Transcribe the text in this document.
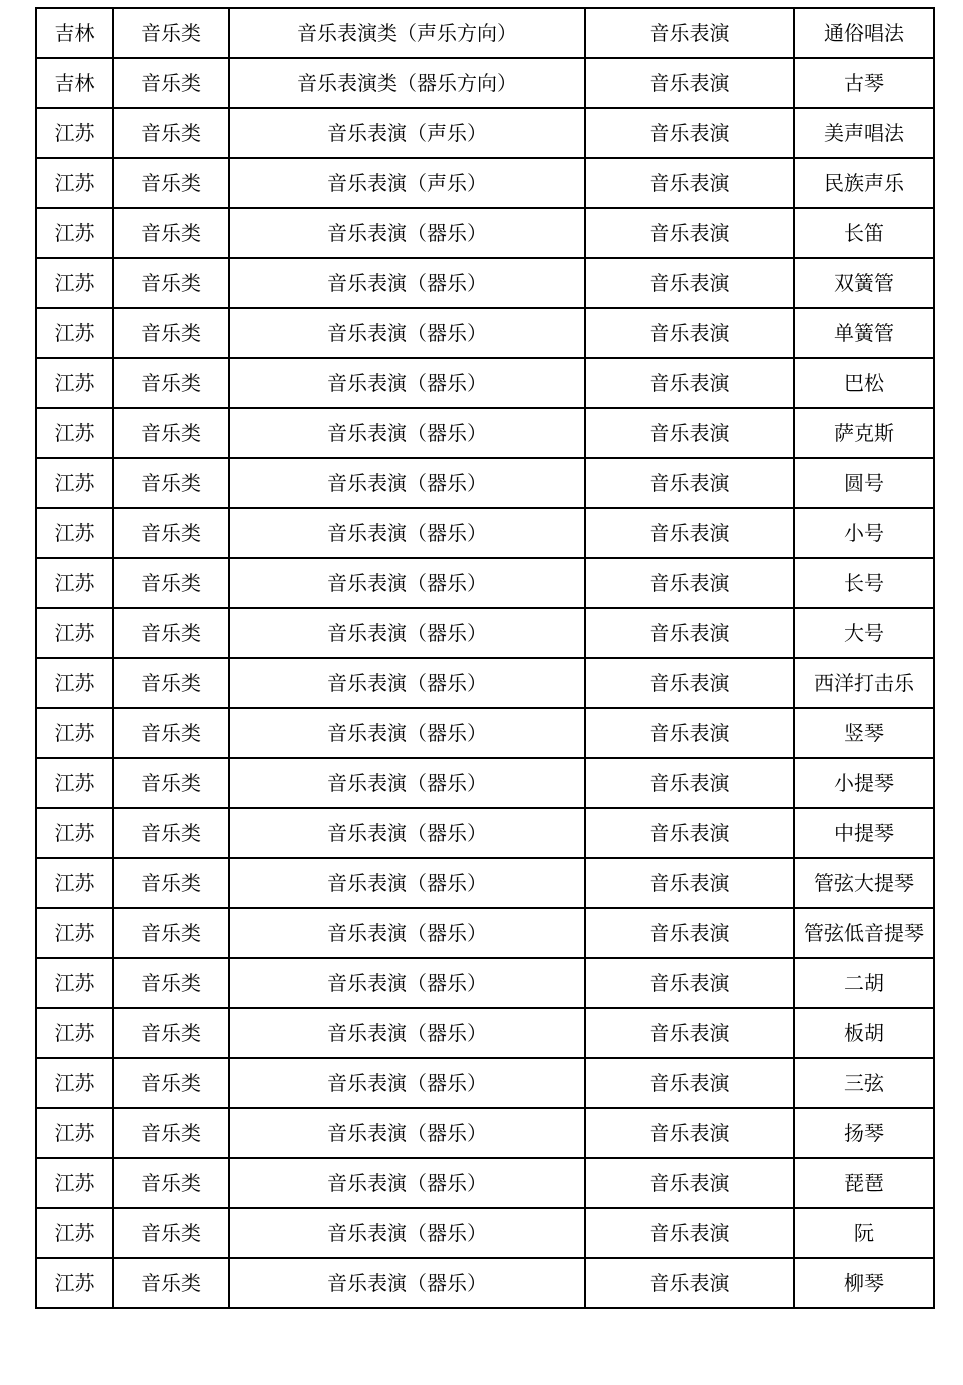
吉林	音乐类	音乐表演类（声乐方向）	音乐表演	通俗唱法
吉林	音乐类	音乐表演类（器乐方向）	音乐表演	古琴
江苏	音乐类	音乐表演（声乐）	音乐表演	美声唱法
江苏	音乐类	音乐表演（声乐）	音乐表演	民族声乐
江苏	音乐类	音乐表演（器乐）	音乐表演	长笛
江苏	音乐类	音乐表演（器乐）	音乐表演	双簧管
江苏	音乐类	音乐表演（器乐）	音乐表演	单簧管
江苏	音乐类	音乐表演（器乐）	音乐表演	巴松
江苏	音乐类	音乐表演（器乐）	音乐表演	萨克斯
江苏	音乐类	音乐表演（器乐）	音乐表演	圆号
江苏	音乐类	音乐表演（器乐）	音乐表演	小号
江苏	音乐类	音乐表演（器乐）	音乐表演	长号
江苏	音乐类	音乐表演（器乐）	音乐表演	大号
江苏	音乐类	音乐表演（器乐）	音乐表演	西洋打击乐
江苏	音乐类	音乐表演（器乐）	音乐表演	竖琴
江苏	音乐类	音乐表演（器乐）	音乐表演	小提琴
江苏	音乐类	音乐表演（器乐）	音乐表演	中提琴
江苏	音乐类	音乐表演（器乐）	音乐表演	管弦大提琴
江苏	音乐类	音乐表演（器乐）	音乐表演	管弦低音提琴
江苏	音乐类	音乐表演（器乐）	音乐表演	二胡
江苏	音乐类	音乐表演（器乐）	音乐表演	板胡
江苏	音乐类	音乐表演（器乐）	音乐表演	三弦
江苏	音乐类	音乐表演（器乐）	音乐表演	扬琴
江苏	音乐类	音乐表演（器乐）	音乐表演	琵琶
江苏	音乐类	音乐表演（器乐）	音乐表演	阮
江苏	音乐类	音乐表演（器乐）	音乐表演	柳琴
